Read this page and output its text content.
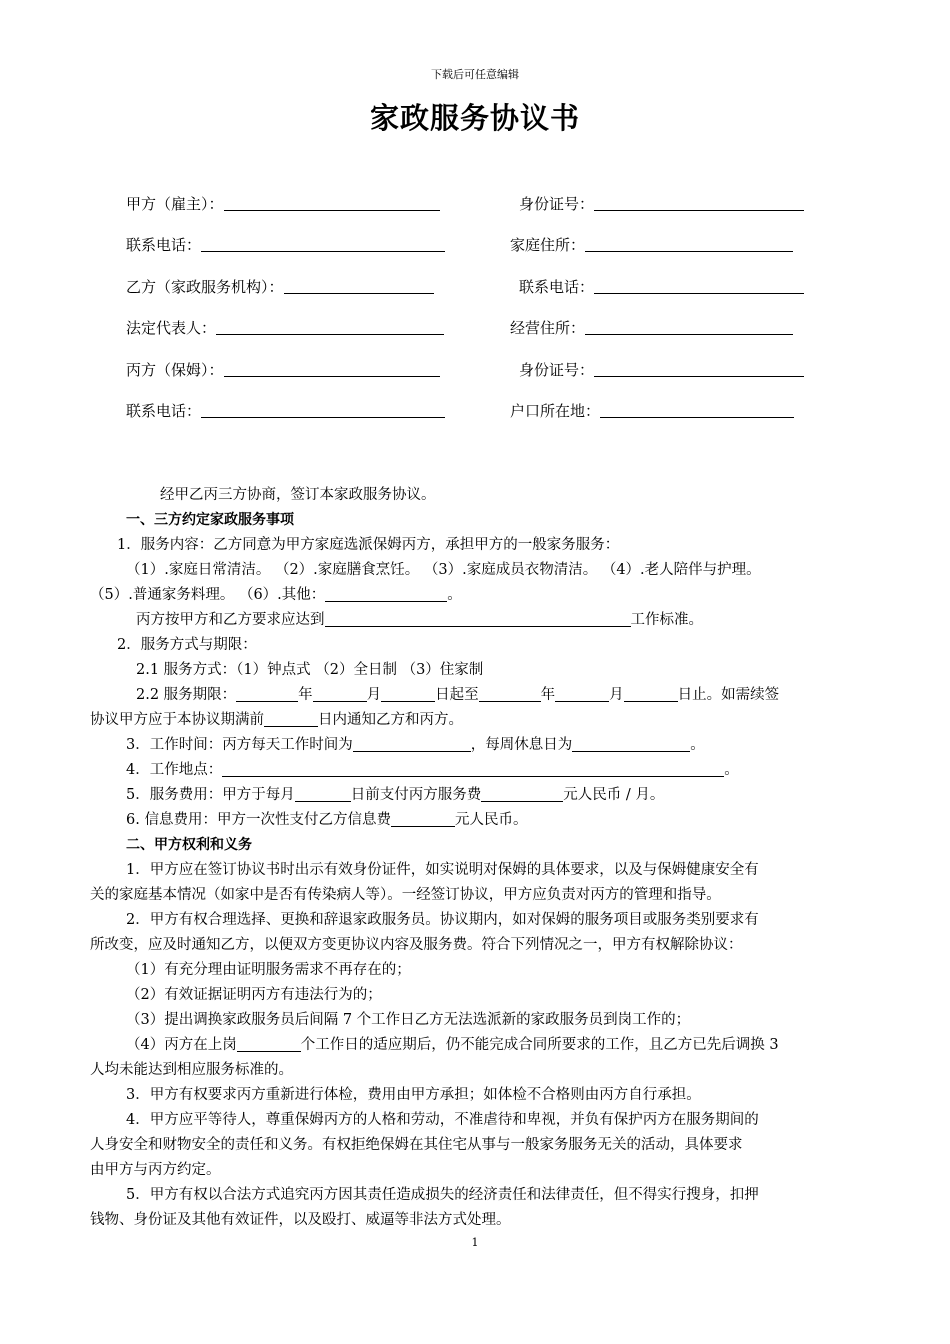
下载后可任意编辑
家政服务协议书
甲方（雇主）：	身份证号：
联系电话：	家庭住所：
乙方（家政服务机构）：	联系电话：
法定代表人：	经营住所：
丙方（保姆）：	身份证号：
联系电话：	户口所在地：
经甲乙丙三方协商，签订本家政服务协议。
一、三方约定家政服务事项
1．服务内容：乙方同意为甲方家庭选派保姆丙方，承担甲方的一般家务服务：
（1）.家庭日常清洁。 （2）.家庭膳食烹饪。 （3）.家庭成员衣物清洁。 （4）.老人陪伴与护理。
（5）.普通家务料理。 （6）.其他：	。
丙方按甲方和乙方要求应达到	工作标准。
2．服务方式与期限：
2.1 服务方式：（1）钟点式 （2）全日制 （3）住家制
2.2 服务期限：	年	月	日起至	年	月	日止。如需续签
协议甲方应于本协议期满前	日内通知乙方和丙方。
3．工作时间：丙方每天工作时间为	，每周休息日为	。
4．工作地点：	。
5．服务费用：甲方于每月	日前支付丙方服务费	元人民币 / 月。
6. 信息费用：甲方一次性支付乙方信息费	元人民币。
二、甲方权利和义务
1．甲方应在签订协议书时出示有效身份证件，如实说明对保姆的具体要求，以及与保姆健康安全有
关的家庭基本情况（如家中是否有传染病人等）。一经签订协议，甲方应负责对丙方的管理和指导。
2．甲方有权合理选择、更换和辞退家政服务员。协议期内，如对保姆的服务项目或服务类别要求有
所改变，应及时通知乙方，以便双方变更协议内容及服务费。符合下列情况之一，甲方有权解除协议：
（1）有充分理由证明服务需求不再存在的；
（2）有效证据证明丙方有违法行为的；
（3）提出调换家政服务员后间隔 7 个工作日乙方无法选派新的家政服务员到岗工作的；
（4）丙方在上岗	个工作日的适应期后，仍不能完成合同所要求的工作，且乙方已先后调换 3
人均未能达到相应服务标准的。
3．甲方有权要求丙方重新进行体检，费用由甲方承担；如体检不合格则由丙方自行承担。
4．甲方应平等待人，尊重保姆丙方的人格和劳动，不准虐待和卑视，并负有保护丙方在服务期间的
人身安全和财物安全的责任和义务。有权拒绝保姆在其住宅从事与一般家务服务无关的活动，具体要求
由甲方与丙方约定。
5．甲方有权以合法方式追究丙方因其责任造成损失的经济责任和法律责任，但不得实行搜身，扣押
钱物、身份证及其他有效证件，以及殴打、威逼等非法方式处理。
1
